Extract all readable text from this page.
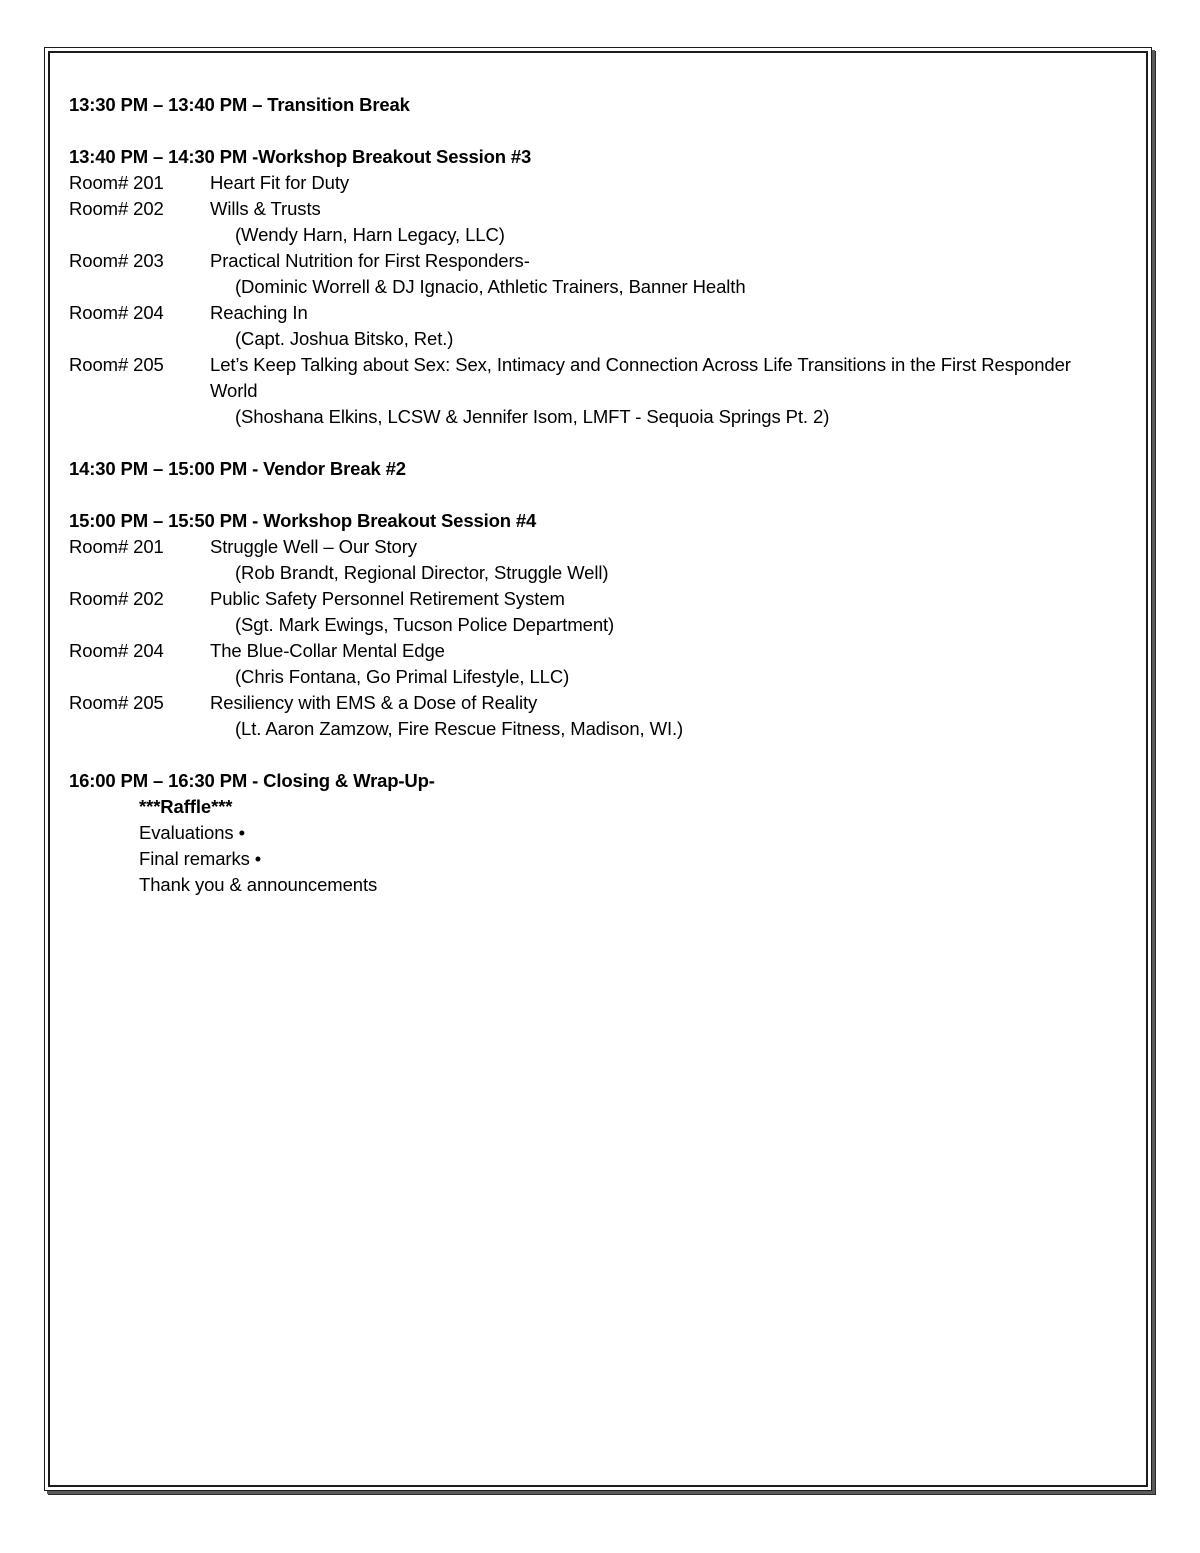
13:30 PM – 13:40 PM – Transition Break
13:40 PM – 14:30 PM -Workshop Breakout Session #3
Room# 201	Heart Fit for Duty
Room# 202	Wills & Trusts
(Wendy Harn, Harn Legacy, LLC)
Room# 203	Practical Nutrition for First Responders-
(Dominic Worrell & DJ Ignacio, Athletic Trainers, Banner Health
Room# 204	Reaching In
(Capt. Joshua Bitsko, Ret.)
Room# 205	Let’s Keep Talking about Sex: Sex, Intimacy and Connection Across Life Transitions in the First Responder World
(Shoshana Elkins, LCSW & Jennifer Isom, LMFT - Sequoia Springs Pt. 2)
14:30 PM – 15:00 PM - Vendor Break #2
15:00 PM – 15:50 PM - Workshop Breakout Session #4
Room# 201	Struggle Well – Our Story
(Rob Brandt, Regional Director, Struggle Well)
Room# 202	Public Safety Personnel Retirement System
(Sgt. Mark Ewings, Tucson Police Department)
Room# 204	The Blue-Collar Mental Edge
(Chris Fontana, Go Primal Lifestyle, LLC)
Room# 205	Resiliency with EMS & a Dose of Reality
(Lt. Aaron Zamzow, Fire Rescue Fitness, Madison, WI.)
16:00 PM – 16:30 PM - Closing & Wrap-Up-
***Raffle***
Evaluations •
Final remarks •
Thank you & announcements
